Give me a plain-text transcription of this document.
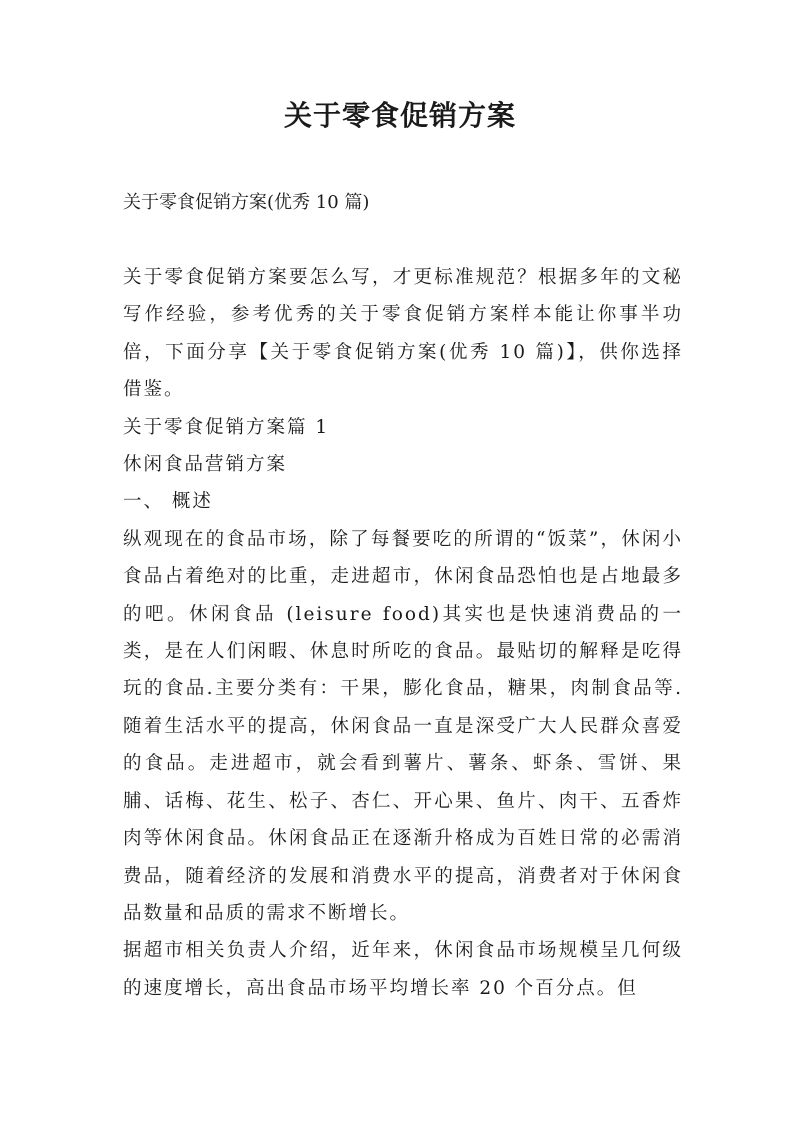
关于零食促销方案

关于零食促销方案(优秀 10 篇)

关于零食促销方案要怎么写，才更标准规范？根据多年的文秘写作经验，参考优秀的关于零食促销方案样本能让你事半功倍，下面分享【关于零食促销方案(优秀 10 篇)】，供你选择借鉴。

关于零食促销方案篇 1

休闲食品营销方案

一、 概述

纵观现在的食品市场，除了每餐要吃的所谓的“饭菜”，休闲小食品占着绝对的比重，走进超市，休闲食品恐怕也是占地最多的吧。休闲食品 (leisure food)其实也是快速消费品的一类，是在人们闲暇、休息时所吃的食品。最贴切的解释是吃得玩的食品.主要分类有：干果，膨化食品，糖果，肉制食品等.随着生活水平的提高，休闲食品一直是深受广大人民群众喜爱的食品。走进超市，就会看到薯片、薯条、虾条、雪饼、果脯、话梅、花生、松子、杏仁、开心果、鱼片、肉干、五香炸肉等休闲食品。休闲食品正在逐渐升格成为百姓日常的必需消费品，随着经济的发展和消费水平的提高，消费者对于休闲食品数量和品质的需求不断增长。

据超市相关负责人介绍，近年来，休闲食品市场规模呈几何级的速度增长，高出食品市场平均增长率 20 个百分点。但
